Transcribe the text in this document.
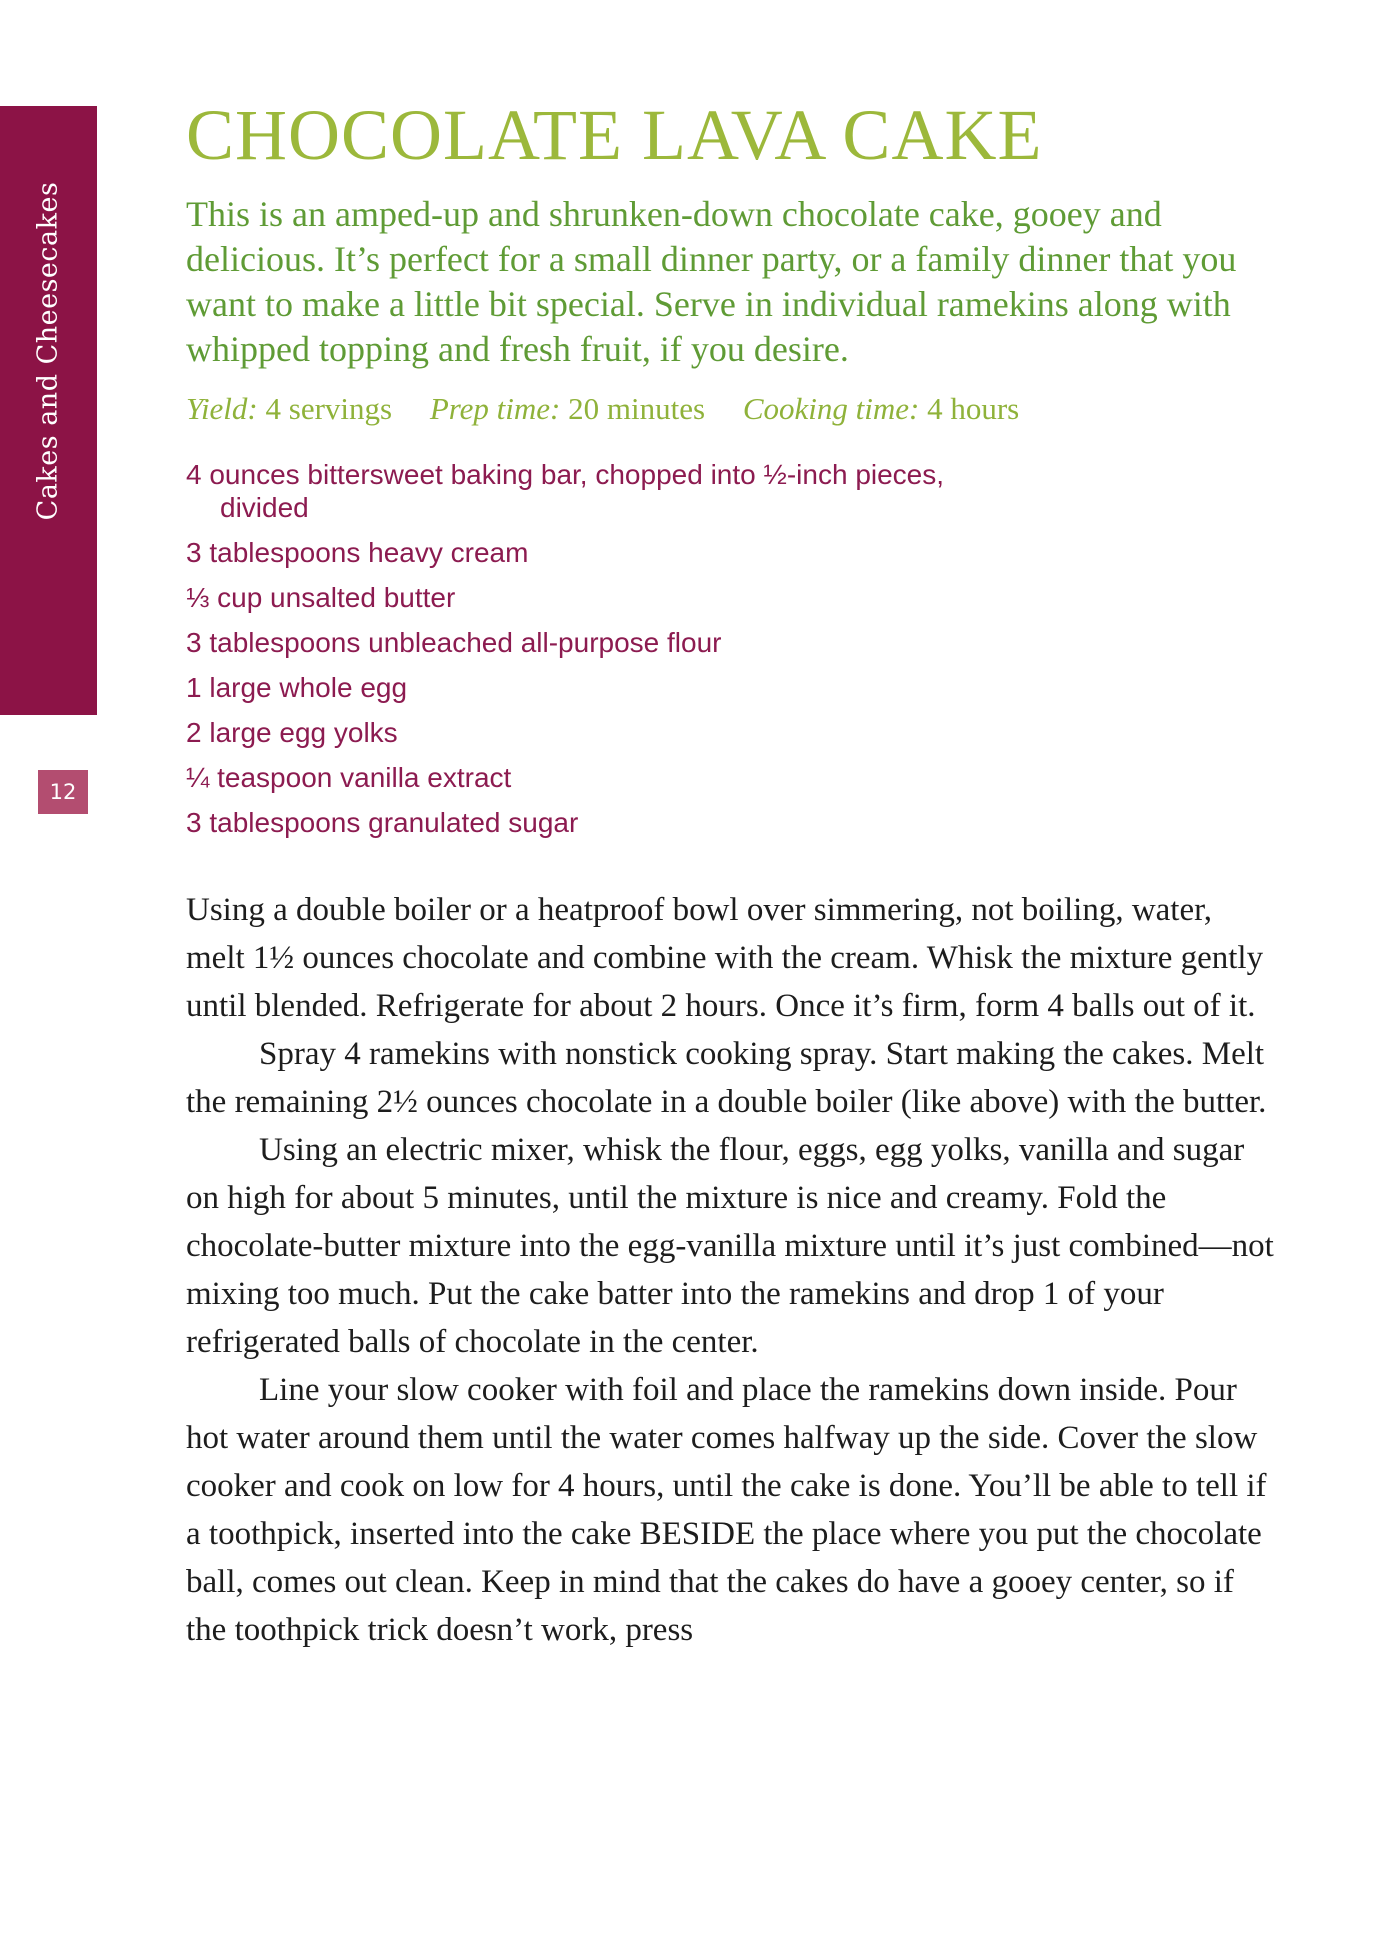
Cakes and Cheesecakes
12
CHOCOLATE LAVA CAKE

This is an amped-up and shrunken-down chocolate cake, gooey and delicious. It’s perfect for a small dinner party, or a family dinner that you want to make a little bit special. Serve in individual ramekins along with whipped topping and fresh fruit, if you desire.

Yield: 4 servings Prep time: 20 minutes Cooking time: 4 hours
4 ounces bittersweet baking bar, chopped into ½-inch pieces, divided
3 tablespoons heavy cream
⅓ cup unsalted butter
3 tablespoons unbleached all-purpose flour
1 large whole egg
2 large egg yolks
¼ teaspoon vanilla extract
3 tablespoons granulated sugar

Using a double boiler or a heatproof bowl over simmering, not boiling, water, melt 1½ ounces chocolate and combine with the cream. Whisk the mixture gently until blended. Refrigerate for about 2 hours. Once it’s firm, form 4 balls out of it.

Spray 4 ramekins with nonstick cooking spray. Start making the cakes. Melt the remaining 2½ ounces chocolate in a double boiler (like above) with the butter.

Using an electric mixer, whisk the flour, eggs, egg yolks, vanilla and sugar on high for about 5 minutes, until the mixture is nice and creamy. Fold the chocolate-butter mixture into the egg-vanilla mixture until it’s just combined—not mixing too much. Put the cake batter into the ramekins and drop 1 of your refrigerated balls of chocolate in the center.

Line your slow cooker with foil and place the ramekins down inside. Pour hot water around them until the water comes halfway up the side. Cover the slow cooker and cook on low for 4 hours, until the cake is done. You’ll be able to tell if a toothpick, inserted into the cake BESIDE the place where you put the chocolate ball, comes out clean. Keep in mind that the cakes do have a gooey center, so if the toothpick trick doesn’t work, press
